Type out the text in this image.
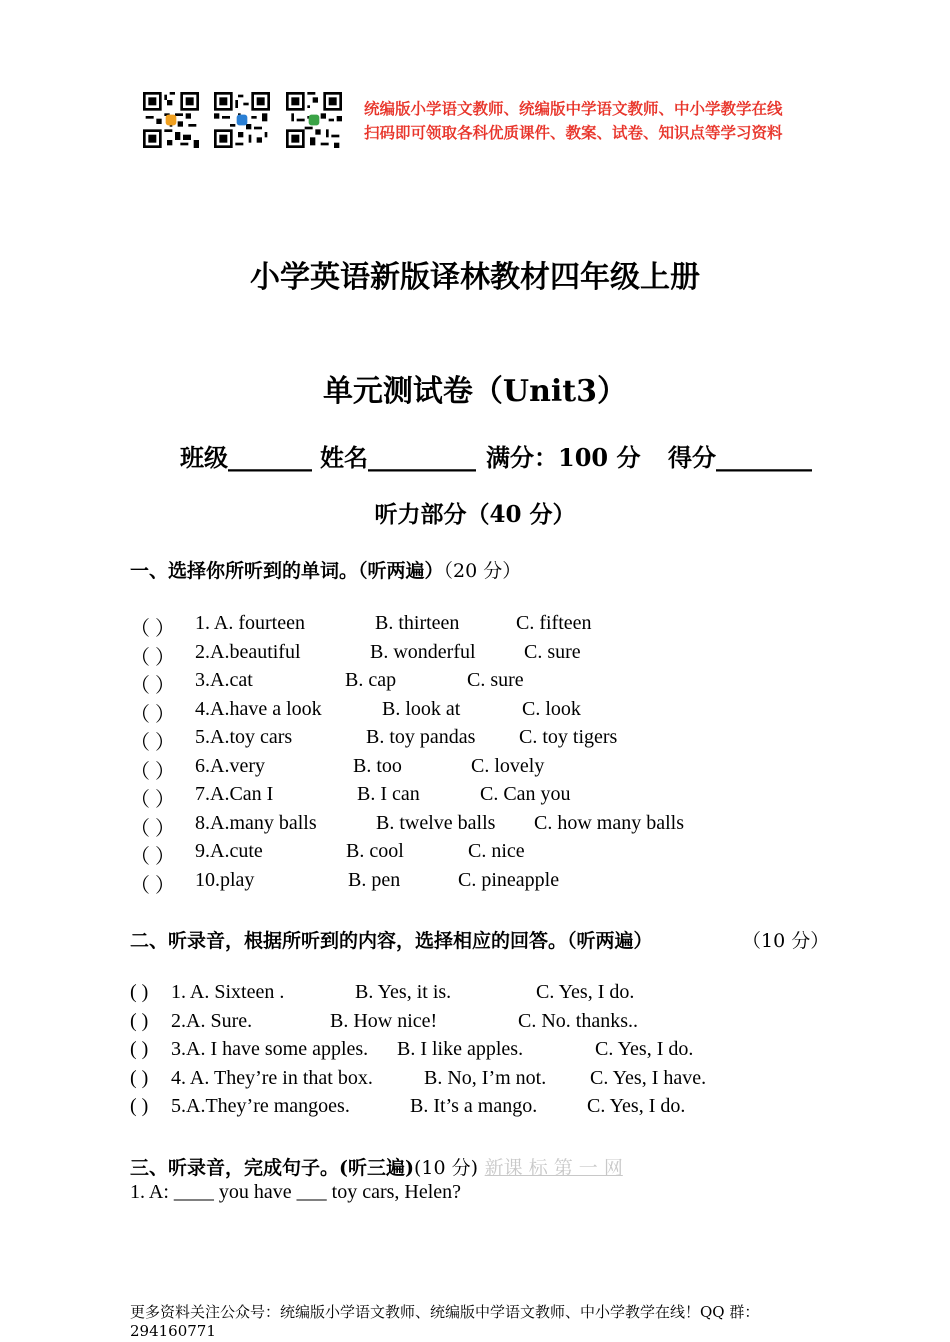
统编版小学语文教师、统编版中学语文教师、中小学教学在线
扫码即可领取各科优质课件、教案、试卷、知识点等学习资料
小学英语新版译林教材四年级上册
单元测试卷（Unit3）
班级_______ 姓名_________ 满分：100 分 得分________
听力部分（40 分）
一、选择你所听到的单词。（听两遍）（20 分）
（ ） 1. A. fourteen	B. thirteen	C. fifteen
（ ） 2.A.beautiful	B. wonderful C. sure
（ ） 3.A.cat	B. cap	C. sure
（ ） 4.A.have a look	B. look at	C. look
（ ） 5.A.toy cars	B. toy pandas C. toy tigers
（ ） 6.A.very	B. too	C. lovely
（ ） 7.A.Can I	B. I can	C. Can you
（ ） 8.A.many balls	B. twelve balls C. how many balls
（ ） 9.A.cute	B. cool	C. nice
（ ） 10.play	B. pen	C. pineapple
二、听录音，根据所听到的内容，选择相应的回答。（听两遍）	（10 分）
( ) 1. A. Sixteen .	B. Yes, it is.	C. Yes, I do.
( ) 2.A. Sure.	B. How nice!	C. No. thanks..
( ) 3.A. I have some apples. B. I like apples.	C. Yes, I do.
( ) 4. A. They’re in that box.	B. No, I’m not. C. Yes, I have.
( ) 5.A.They’re mangoes.	B. It’s a mango. C. Yes, I do.
三、听录音，完成句子。(听三遍)(10 分) 新课 标 第 一 网
1. A: ____ you have ___ toy cars, Helen?
更多资料关注公众号：统编版小学语文教师、统编版中学语文教师、中小学教学在线！QQ 群：294160771
